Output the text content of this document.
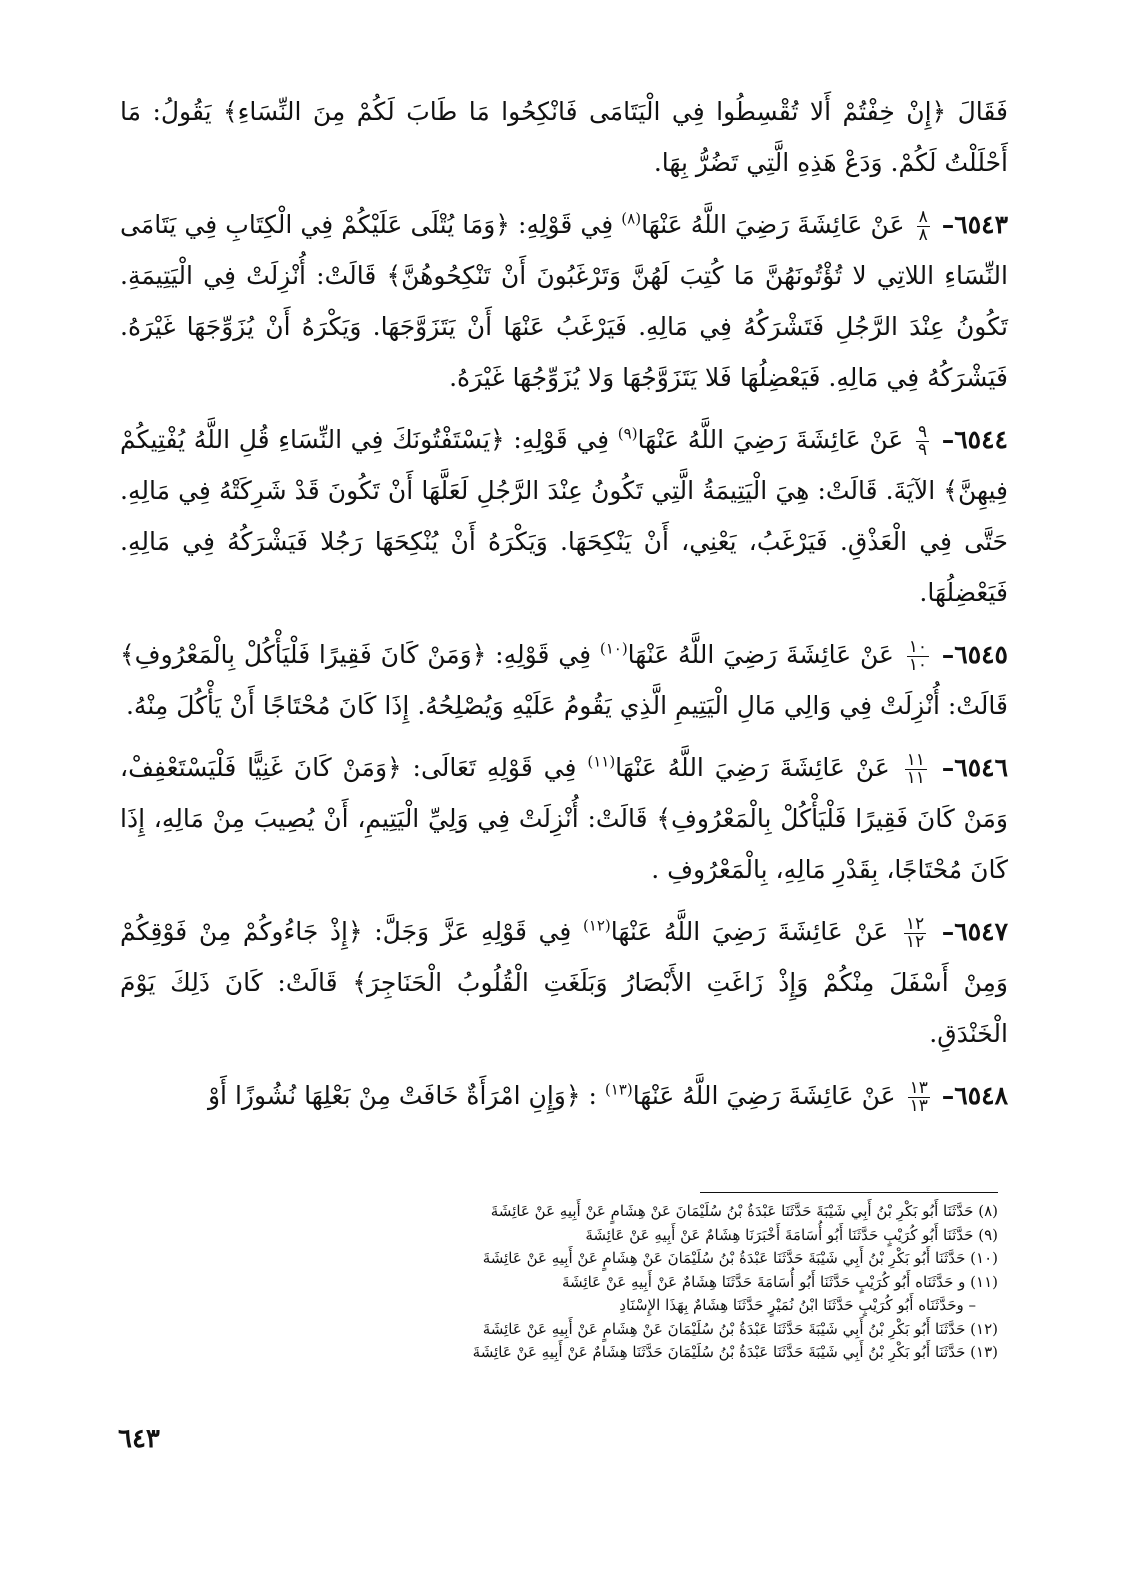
فَقَالَ ﴿إِنْ خِفْتُمْ أَلا تُقْسِطُوا فِي الْيَتَامَى فَانْكِحُوا مَا طَابَ لَكُمْ مِنَ النِّسَاءِ﴾ يَقُولُ: مَا أَحْلَلْتُ لَكُمْ. وَدَعْ هَذِهِ الَّتِي تَضُرُّ بِهَا.

٦٥٤٣–
$\frac{٨}{٨}$
عَنْ عَائِشَةَ رَضِيَ اللَّهُ عَنْهَا$^{(٨)}$ فِي قَوْلِهِ: ﴿وَمَا يُتْلَى عَلَيْكُمْ فِي الْكِتَابِ فِي يَتَامَى النِّسَاءِ اللاتِي لا تُؤْتُونَهُنَّ مَا كُتِبَ لَهُنَّ وَتَرْغَبُونَ أَنْ تَنْكِحُوهُنَّ﴾ قَالَتْ: أُنْزِلَتْ فِي الْيَتِيمَةِ. تَكُونُ عِنْدَ الرَّجُلِ فَتَشْرَكُهُ فِي مَالِهِ. فَيَرْغَبُ عَنْهَا أَنْ يَتَزَوَّجَهَا. وَيَكْرَهُ أَنْ يُزَوِّجَهَا غَيْرَهُ. فَيَشْرَكُهُ فِي مَالِهِ. فَيَعْضِلُهَا فَلا يَتَزَوَّجُهَا وَلا يُزَوِّجُهَا غَيْرَهُ.

٦٥٤٤–
$\frac{٩}{٩}$
عَنْ عَائِشَةَ رَضِيَ اللَّهُ عَنْهَا$^{(٩)}$ فِي قَوْلِهِ: ﴿يَسْتَفْتُونَكَ فِي النِّسَاءِ قُلِ اللَّهُ يُفْتِيكُمْ فِيهِنَّ﴾ الآيَةَ. قَالَتْ: هِيَ الْيَتِيمَةُ الَّتِي تَكُونُ عِنْدَ الرَّجُلِ لَعَلَّهَا أَنْ تَكُونَ قَدْ شَرِكَتْهُ فِي مَالِهِ. حَتَّى فِي الْعَذْقِ. فَيَرْغَبُ، يَعْنِي، أَنْ يَنْكِحَهَا. وَيَكْرَهُ أَنْ يُنْكِحَهَا رَجُلا فَيَشْرَكُهُ فِي مَالِهِ. فَيَعْضِلُهَا.

٦٥٤٥–
$\frac{١٠}{١٠}$
عَنْ عَائِشَةَ رَضِيَ اللَّهُ عَنْهَا$^{(١٠)}$ فِي قَوْلِهِ: ﴿وَمَنْ كَانَ فَقِيرًا فَلْيَأْكُلْ بِالْمَعْرُوفِ﴾ قَالَتْ: أُنْزِلَتْ فِي وَالِي مَالِ الْيَتِيمِ الَّذِي يَقُومُ عَلَيْهِ وَيُصْلِحُهُ. إِذَا كَانَ مُحْتَاجًا أَنْ يَأْكُلَ مِنْهُ.

٦٥٤٦–
$\frac{١١}{١١}$
عَنْ عَائِشَةَ رَضِيَ اللَّهُ عَنْهَا$^{(١١)}$ فِي قَوْلِهِ تَعَالَى: ﴿وَمَنْ كَانَ غَنِيًّا فَلْيَسْتَعْفِفْ، وَمَنْ كَانَ فَقِيرًا فَلْيَأْكُلْ بِالْمَعْرُوفِ﴾ قَالَتْ: أُنْزِلَتْ فِي وَلِيِّ الْيَتِيمِ، أَنْ يُصِيبَ مِنْ مَالِهِ، إِذَا كَانَ مُحْتَاجًا، بِقَدْرِ مَالِهِ، بِالْمَعْرُوفِ .

٦٥٤٧–
$\frac{١٢}{١٢}$
عَنْ عَائِشَةَ رَضِيَ اللَّهُ عَنْهَا$^{(١٢)}$ فِي قَوْلِهِ عَزَّ وَجَلَّ: ﴿إِذْ جَاءُوكُمْ مِنْ فَوْقِكُمْ وَمِنْ أَسْفَلَ مِنْكُمْ وَإِذْ زَاغَتِ الأَبْصَارُ وَبَلَغَتِ الْقُلُوبُ الْحَنَاجِرَ﴾ قَالَتْ: كَانَ ذَلِكَ يَوْمَ الْخَنْدَقِ.

٦٥٤٨–
$\frac{١٣}{١٣}$
عَنْ عَائِشَةَ رَضِيَ اللَّهُ عَنْهَا$^{(١٣)}$ : ﴿وَإِنِ امْرَأَةٌ خَافَتْ مِنْ بَعْلِهَا نُشُوزًا أَوْ

(٨) حَدَّثَنَا أَبُو بَكْرِ بْنُ أَبِي شَيْبَةَ حَدَّثَنَا عَبْدَةُ بْنُ سُلَيْمَانَ عَنْ هِشَامٍ عَنْ أَبِيهِ عَنْ عَائِشَةَ
(٩) حَدَّثَنَا أَبُو كُرَيْبٍ حَدَّثَنَا أَبُو أُسَامَةَ أَخْبَرَنَا هِشَامٌ عَنْ أَبِيهِ عَنْ عَائِشَةَ
(١٠) حَدَّثَنَا أَبُو بَكْرِ بْنُ أَبِي شَيْبَةَ حَدَّثَنَا عَبْدَةُ بْنُ سُلَيْمَانَ عَنْ هِشَامٍ عَنْ أَبِيهِ عَنْ عَائِشَةَ
(١١) و حَدَّثَنَاه أَبُو كُرَيْبٍ حَدَّثَنَا أَبُو أُسَامَةَ حَدَّثَنَا هِشَامٌ عَنْ أَبِيهِ عَنْ عَائِشَةَ
– وحَدَّثَنَاه أَبُو كُرَيْبٍ حَدَّثَنَا ابْنُ نُمَيْرٍ حَدَّثَنَا هِشَامٌ بِهَذَا الإِسْنَادِ
(١٢) حَدَّثَنَا أَبُو بَكْرِ بْنُ أَبِي شَيْبَةَ حَدَّثَنَا عَبْدَةُ بْنُ سُلَيْمَانَ عَنْ هِشَامٍ عَنْ أَبِيهِ عَنْ عَائِشَةَ
(١٣) حَدَّثَنَا أَبُو بَكْرِ بْنُ أَبِي شَيْبَةَ حَدَّثَنَا عَبْدَةُ بْنُ سُلَيْمَانَ حَدَّثَنَا هِشَامٌ عَنْ أَبِيهِ عَنْ عَائِشَةَ
٦٤٣
